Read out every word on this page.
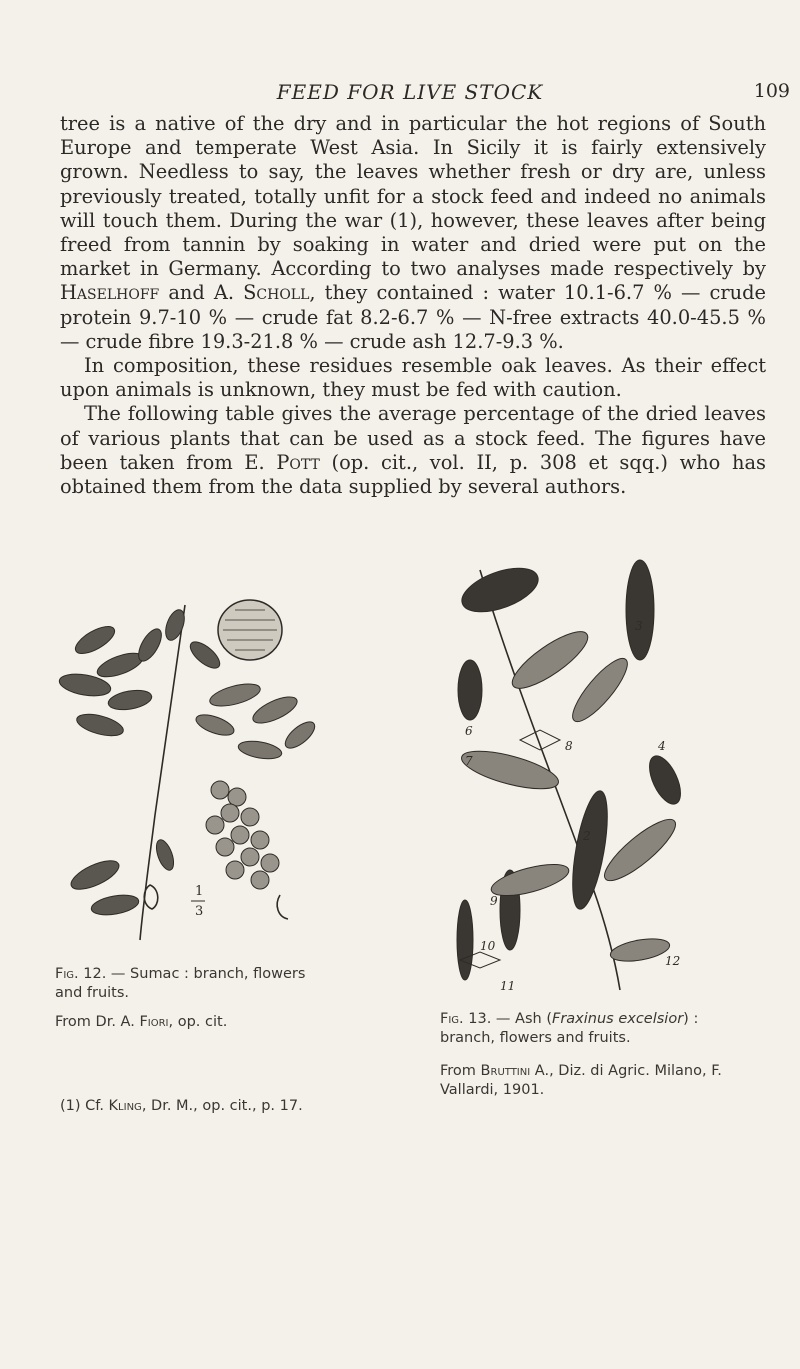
FEED FOR LIVE STOCK	109

tree is a native of the dry and in particular the hot regions of South Europe and temperate West Asia. In Sicily it is fairly extensively grown. Needless to say, the leaves whether fresh or dry are, unless previously treated, totally unfit for a stock feed and indeed no animals will touch them. During the war (1), however, these leaves after being freed from tannin by soaking in water and dried were put on the market in Germany. According to two analyses made respectively by Haselhoff and A. Scholl, they contained : water 10.1-6.7 % — crude protein 9.7-10 % — crude fat 8.2-6.7 % — N-free extracts 40.0-45.5 % — crude fibre 19.3-21.8 % — crude ash 12.7-9.3 %.

In composition, these residues resemble oak leaves. As their effect upon animals is unknown, they must be fed with caution.

The following table gives the average percentage of the dried leaves of various plants that can be used as a stock feed. The figures have been taken from E. Pott (op. cit., vol. II, p. 308 et sqq.) who has obtained them from the data supplied by several authors.

1
3
Fig. 12. — Sumac : branch, flowers and fruits.
From Dr. A. Fiori, op. cit.
3
6
8	4
7
2
9
10
11
12
Fig. 13. — Ash (Fraxinus excelsior) : branch, flowers and fruits.
From Bruttini A., Diz. di Agric. Milano, F. Vallardi, 1901.
(1) Cf. Kling, Dr. M., op. cit., p. 17.
